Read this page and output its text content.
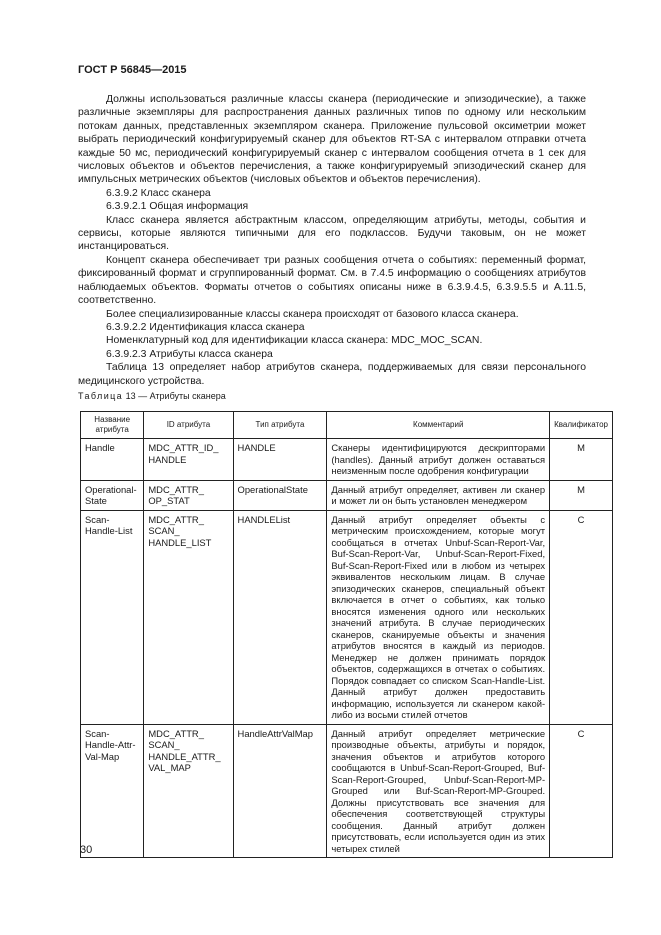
ГОСТ Р 56845—2015

Должны использоваться различные классы сканера (периодические и эпизодические), а также различные экземпляры для распространения данных различных типов по одному или нескольким потокам данных, представленных экземпляром сканера. Приложение пульсовой оксиметрии может выбрать периодический конфигурируемый сканер для объектов RT-SA с интервалом отправки отчета каждые 50 мс, периодический конфигурируемый сканер с интервалом сообщения отчета в 1 сек для числовых объектов и объектов перечисления, а также конфигурируемый эпизодический сканер для импульсных метрических объектов (числовых объектов и объектов перечисления).

6.3.9.2 Класс сканера

6.3.9.2.1 Общая информация

Класс сканера является абстрактным классом, определяющим атрибуты, методы, события и сервисы, которые являются типичными для его подклассов. Будучи таковым, он не может инстанцироваться.

Концепт сканера обеспечивает три разных сообщения отчета о событиях: переменный формат, фиксированный формат и сгруппированный формат. См. в 7.4.5 информацию о сообщениях атрибутов наблюдаемых объектов. Форматы отчетов о событиях описаны ниже в 6.3.9.4.5, 6.3.9.5.5 и А.11.5, соответственно.

Более специализированные классы сканера происходят от базового класса сканера.

6.3.9.2.2 Идентификация класса сканера

Номенклатурный код для идентификации класса сканера: MDC_MOC_SCAN.

6.3.9.2.3 Атрибуты класса сканера

Таблица 13 определяет набор атрибутов сканера, поддерживаемых для связи персонального медицинского устройства.

Таблица 13 — Атрибуты сканера
Название атрибута	ID атрибута	Тип атрибута	Комментарий	Квалификатор
Handle	MDC_ATTR_ID_ HANDLE	HANDLE	Сканеры идентифицируются дескрипторами (handles). Данный атрибут должен оставаться неизменным после одобрения конфигурации	M
Operational-State	MDC_ATTR_ OP_STAT	OperationalState	Данный атрибут определяет, активен ли сканер и может ли он быть установлен менеджером	M
Scan-Handle-List	MDC_ATTR_ SCAN_ HANDLE_LIST	HANDLEList	Данный атрибут определяет объекты с метрическим происхождением, которые могут сообщаться в отчетах Unbuf-Scan-Report-Var, Buf-Scan-Report-Var, Unbuf-Scan-Report-Fixed, Buf-Scan-Report-Fixed или в любом из четырех эквивалентов нескольким лицам. В случае эпизодических сканеров, специальный объект включается в отчет о событиях, как только вносятся изменения одного или нескольких значений атрибута. В случае периодических сканеров, сканируемые объекты и значения атрибутов вносятся в каждый из периодов. Менеджер не должен принимать порядок объектов, содержащихся в отчетах о событиях. Порядок совпадает со списком Scan-Handle-List. Данный атрибут должен предоставить информацию, используется ли сканером какой-либо из восьми стилей отчетов	C
Scan-Handle-Attr-Val-Map	MDC_ATTR_ SCAN_ HANDLE_ATTR_ VAL_MAP	HandleAttrValMap	Данный атрибут определяет метрические производные объекты, атрибуты и порядок, значения объектов и атрибутов которого сообщаются в Unbuf-Scan-Report-Grouped, Buf-Scan-Report-Grouped, Unbuf-Scan-Report-MP-Grouped или Buf-Scan-Report-MP-Grouped. Должны присутствовать все значения для обеспечения соответствующей структуры сообщения. Данный атрибут должен присутствовать, если используется один из этих четырех стилей	C
30
